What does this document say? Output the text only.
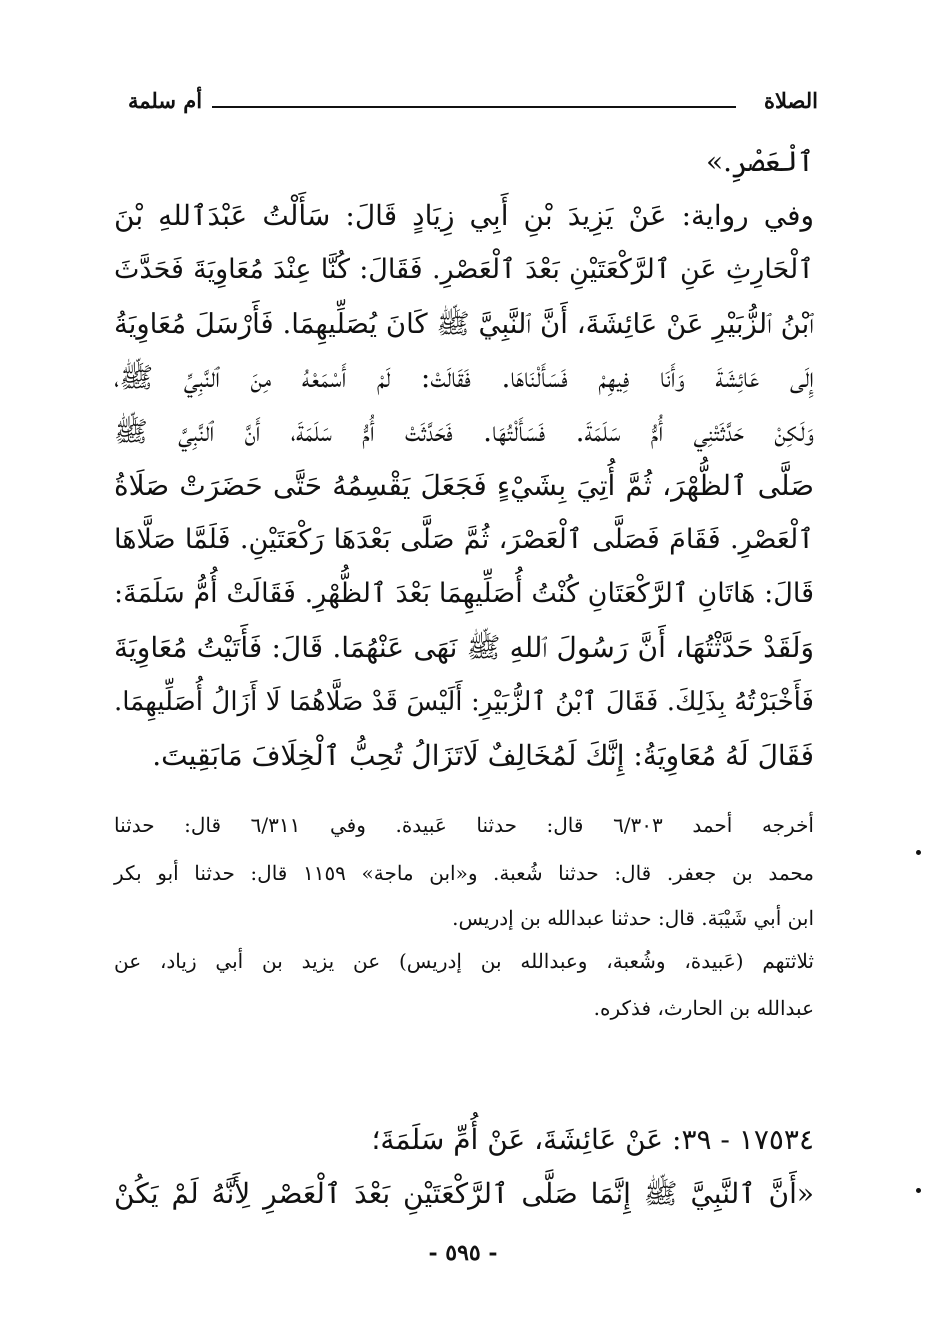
الصلاة
أم سلمة
ٱلْعَصْرِ.»
وفي رواية: عَنْ يَزِيدَ بْنِ أَبِي زِيَادٍ قَالَ: سَأَلْتُ عَبْدَٱللهِ بْنَ
ٱلْحَارِثِ عَنِ ٱلرَّكْعَتَيْنِ بَعْدَ ٱلْعَصْرِ. فَقَالَ: كُنَّا عِنْدَ مُعَاوِيَةَ فَحَدَّثَ
ٱبْنُ ٱلزُّبَيْرِ عَنْ عَائِشَةَ، أَنَّ ٱلنَّبِيَّ ﷺ كَانَ يُصَلِّيهِمَا. فَأَرْسَلَ مُعَاوِيَةُ
إِلَى عَائِشَةَ وَأَنَا فِيهِمْ فَسَأَلْنَاهَا. فَقَالَتْ: لَمْ أَسْمَعْهُ مِنَ ٱلنَّبِيِّ ﷺ،
وَلَكِنْ حَدَّثَتْنِي أُمُّ سَلَمَةَ. فَسَأَلْتُهَا. فَحَدَّثَتْ أُمُّ سَلَمَةَ، أَنَّ ٱلنَّبِيَّ ﷺ
صَلَّى ٱلظُّهْرَ، ثُمَّ أُتِيَ بِشَيْءٍ فَجَعَلَ يَقْسِمُهُ حَتَّى حَضَرَتْ صَلَاةُ
ٱلْعَصْرِ. فَقَامَ فَصَلَّى ٱلْعَصْرَ، ثُمَّ صَلَّى بَعْدَهَا رَكْعَتَيْنِ. فَلَمَّا صَلَّاهَا
قَالَ: هَاتَانِ ٱلرَّكْعَتَانِ كُنْتُ أُصَلِّيهِمَا بَعْدَ ٱلظُّهْرِ. فَقَالَتْ أُمُّ سَلَمَةَ:
وَلَقَدْ حَدَّثْتُهَا، أَنَّ رَسُولَ ٱللهِ ﷺ نَهَى عَنْهُمَا. قَالَ: فَأَتَيْتُ مُعَاوِيَةَ
فَأَخْبَرْتُهُ بِذَلِكَ. فَقَالَ ٱبْنُ ٱلزُّبَيْرِ: أَلَيْسَ قَدْ صَلَّاهُمَا لَا أَزَالُ أُصَلِّيهِمَا.
فَقَالَ لَهُ مُعَاوِيَةُ: إِنَّكَ لَمُخَالِفٌ لَاتَزَالُ تُحِبُّ ٱلْخِلَافَ مَابَقِيتَ.
أخرجه أحمد ٦/٣٠٣ قال: حدثنا عَبيدة. وفي ٦/٣١١ قال: حدثنا
محمد بن جعفر. قال: حدثنا شُعبة. و«ابن ماجة» ١١٥٩ قال: حدثنا أبو بكر
ابن أبي شَيْبَة. قال: حدثنا عبدالله بن إدريس.
ثلاثتهم (عَبيدة، وشُعبة، وعبدالله بن إدريس) عن يزيد بن أبي زياد، عن
عبدالله بن الحارث، فذكره.
١٧٥٣٤ - ٣٩: عَنْ عَائِشَةَ، عَنْ أُمِّ سَلَمَةَ؛
«أَنَّ ٱلنَّبِيَّ ﷺ إِنَّمَا صَلَّى ٱلرَّكْعَتَيْنِ بَعْدَ ٱلْعَصْرِ لِأَنَّهُ لَمْ يَكُنْ
- ٥٩٥ -
